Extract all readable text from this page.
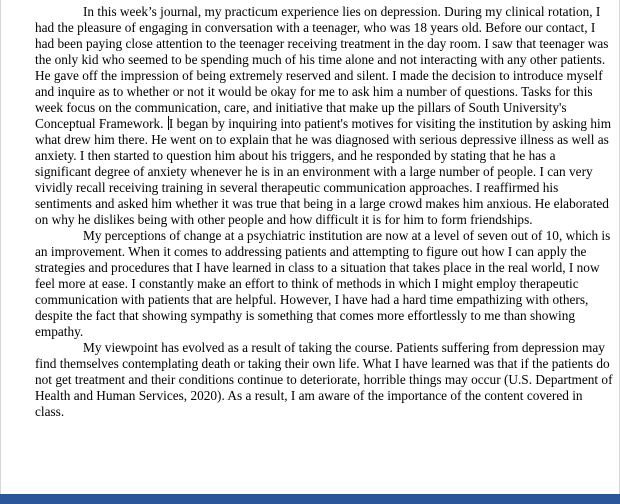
In this week’s journal, my practicum experience lies on depression. During my clinical rotation, I had the pleasure of engaging in conversation with a teenager, who was 18 years old. Before our contact, I had been paying close attention to the teenager receiving treatment in the day room. I saw that teenager was the only kid who seemed to be spending much of his time alone and not interacting with any other patients. He gave off the impression of being extremely reserved and silent. I made the decision to introduce myself and inquire as to whether or not it would be okay for me to ask him a number of questions. Tasks for this week focus on the communication, care, and initiative that make up the pillars of South University's Conceptual Framework. I began by inquiring into patient's motives for visiting the institution by asking him what drew him there. He went on to explain that he was diagnosed with serious depressive illness as well as anxiety. I then started to question him about his triggers, and he responded by stating that he has a significant degree of anxiety whenever he is in an environment with a large number of people. I can very vividly recall receiving training in several therapeutic communication approaches. I reaffirmed his sentiments and asked him whether it was true that being in a large crowd makes him anxious. He elaborated on why he dislikes being with other people and how difficult it is for him to form friendships.

My perceptions of change at a psychiatric institution are now at a level of seven out of 10, which is an improvement. When it comes to addressing patients and attempting to figure out how I can apply the strategies and procedures that I have learned in class to a situation that takes place in the real world, I now feel more at ease. I constantly make an effort to think of methods in which I might employ therapeutic communication with patients that are helpful. However, I have had a hard time empathizing with others, despite the fact that showing sympathy is something that comes more effortlessly to me than showing empathy.

My viewpoint has evolved as a result of taking the course. Patients suffering from depression may find themselves contemplating death or taking their own life. What I have learned was that if the patients do not get treatment and their conditions continue to deteriorate, horrible things may occur (U.S. Department of Health and Human Services, 2020). As a result, I am aware of the importance of the content covered in class.
